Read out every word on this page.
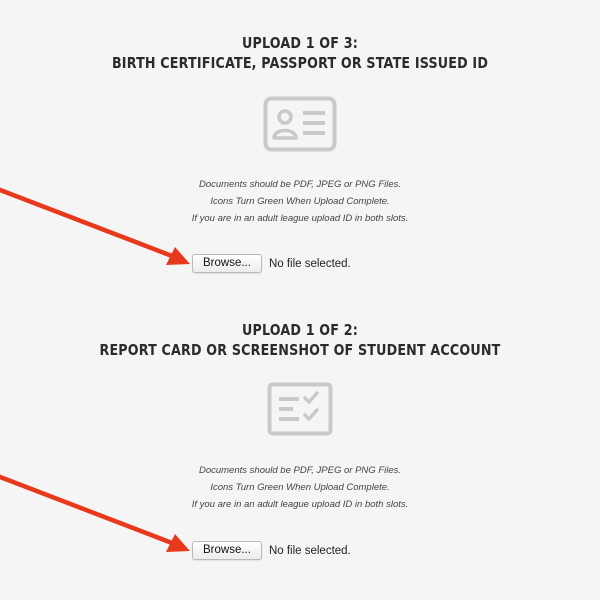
UPLOAD 1 OF 3:
BIRTH CERTIFICATE, PASSPORT OR STATE ISSUED ID
Documents should be PDF, JPEG or PNG Files.
Icons Turn Green When Upload Complete.
If you are in an adult league upload ID in both slots.
Browse...	No file selected.
UPLOAD 1 OF 2:
REPORT CARD OR SCREENSHOT OF STUDENT ACCOUNT
Documents should be PDF, JPEG or PNG Files.
Icons Turn Green When Upload Complete.
If you are in an adult league upload ID in both slots.
Browse...	No file selected.
